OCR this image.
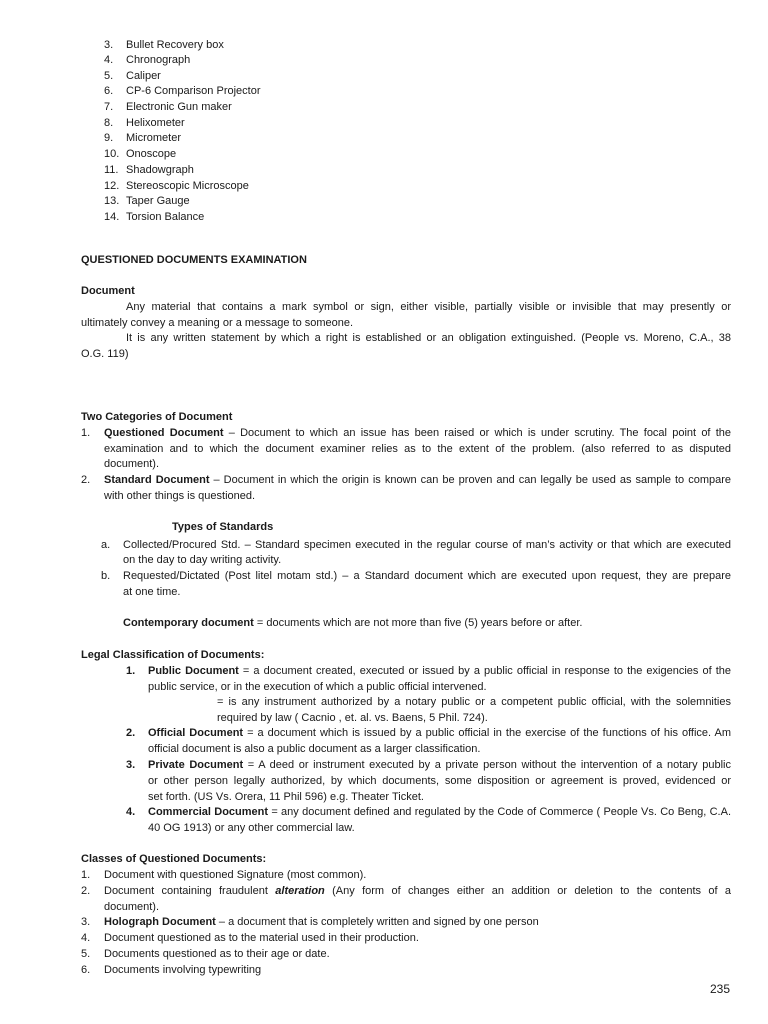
3. Bullet Recovery box
4. Chronograph
5. Caliper
6. CP-6 Comparison Projector
7. Electronic Gun maker
8. Helixometer
9. Micrometer
10. Onoscope
11. Shadowgraph
12. Stereoscopic Microscope
13. Taper Gauge
14. Torsion Balance
QUESTIONED DOCUMENTS EXAMINATION
Document
Any material that contains a mark symbol or sign, either visible, partially visible or invisible that may presently or
ultimately convey a meaning or a message to someone.
It is any written statement by which a right is established or an obligation extinguished. (People vs. Moreno, C.A., 38
O.G. 119)
Two Categories of Document
1. Questioned Document – Document to which an issue has been raised or which is under scrutiny. The focal point of the
examination and to which the document examiner relies as to the extent of the problem. (also referred to as disputed
document).
2. Standard Document – Document in which the origin is known can be proven and can legally be used as sample to compare
with other things is questioned.
Types of Standards
a. Collected/Procured Std. – Standard specimen executed in the regular course of man’s activity or that which are executed
on the day to day writing activity.
b. Requested/Dictated (Post litel motam std.) – a Standard document which are executed upon request, they are prepare
at one time.
Contemporary document = documents which are not more than five (5) years before or after.
Legal Classification of Documents:
1. Public Document = a document created, executed or issued by a public official in response to the exigencies of the
public service, or in the execution of which a public official intervened.
= is any instrument authorized by a notary public or a competent public official, with the solemnities
required by law ( Cacnio , et. al. vs. Baens, 5 Phil. 724).
2. Official Document = a document which is issued by a public official in the exercise of the functions of his office. Am
official document is also a public document as a larger classification.
3. Private Document = A deed or instrument executed by a private person without the intervention of a notary public
or other person legally authorized, by which documents, some disposition or agreement is proved, evidenced or
set forth. (US Vs. Orera, 11 Phil 596) e.g. Theater Ticket.
4. Commercial Document = any document defined and regulated by the Code of Commerce ( People Vs. Co Beng, C.A.
40 OG 1913) or any other commercial law.
Classes of Questioned Documents:
1. Document with questioned Signature (most common).
2. Document containing fraudulent alteration (Any form of changes either an addition or deletion to the contents of a
document).
3. Holograph Document – a document that is completely written and signed by one person
4. Document questioned as to the material used in their production.
5. Documents questioned as to their age or date.
6. Documents involving typewriting
235
